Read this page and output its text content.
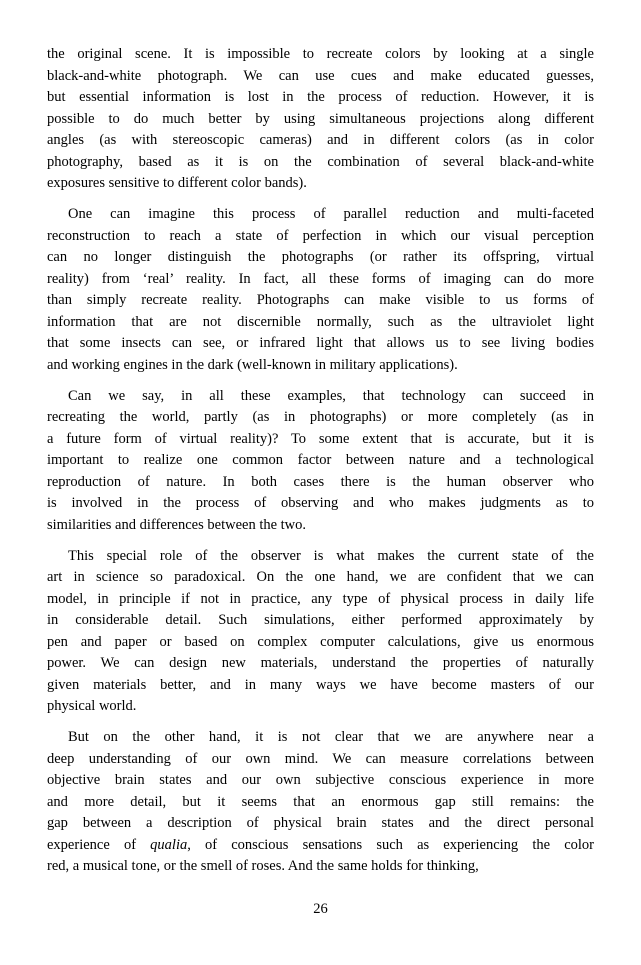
the original scene. It is impossible to recreate colors by looking at a single
black-and-white photograph. We can use cues and make educated guesses,
but essential information is lost in the process of reduction. However, it is
possible to do much better by using simultaneous projections along different
angles (as with stereoscopic cameras) and in different colors (as in color
photography, based as it is on the combination of several black-and-white
exposures sensitive to different color bands).

One can imagine this process of parallel reduction and multi-faceted
reconstruction to reach a state of perfection in which our visual perception
can no longer distinguish the photographs (or rather its offspring, virtual
reality) from ‘real’ reality. In fact, all these forms of imaging can do more
than simply recreate reality. Photographs can make visible to us forms of
information that are not discernible normally, such as the ultraviolet light
that some insects can see, or infrared light that allows us to see living bodies
and working engines in the dark (well-known in military applications).

Can we say, in all these examples, that technology can succeed in
recreating the world, partly (as in photographs) or more completely (as in
a future form of virtual reality)? To some extent that is accurate, but it is
important to realize one common factor between nature and a technological
reproduction of nature. In both cases there is the human observer who
is involved in the process of observing and who makes judgments as to
similarities and differences between the two.

This special role of the observer is what makes the current state of the
art in science so paradoxical. On the one hand, we are confident that we can
model, in principle if not in practice, any type of physical process in daily life
in considerable detail. Such simulations, either performed approximately by
pen and paper or based on complex computer calculations, give us enormous
power. We can design new materials, understand the properties of naturally
given materials better, and in many ways we have become masters of our
physical world.

But on the other hand, it is not clear that we are anywhere near a
deep understanding of our own mind. We can measure correlations between
objective brain states and our own subjective conscious experience in more
and more detail, but it seems that an enormous gap still remains: the
gap between a description of physical brain states and the direct personal
experience of qualia, of conscious sensations such as experiencing the color
red, a musical tone, or the smell of roses. And the same holds for thinking,

26
